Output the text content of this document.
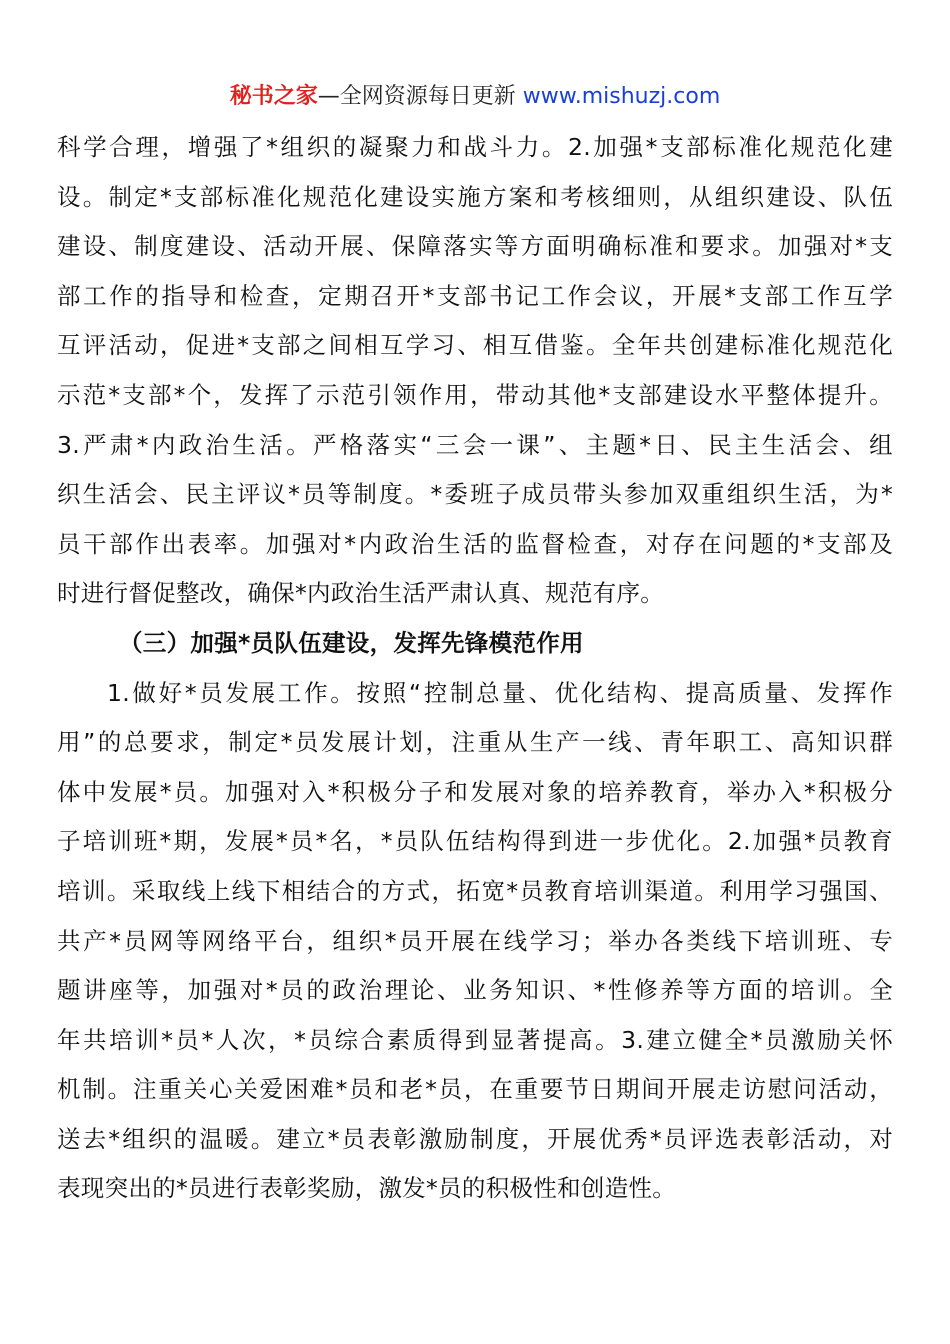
秘书之家—全网资源每日更新 www.mishuzj.com
科学合理，增强了*组织的凝聚力和战斗力。2.加强*支部标准化规范化建
设。制定*支部标准化规范化建设实施方案和考核细则，从组织建设、队伍
建设、制度建设、活动开展、保障落实等方面明确标准和要求。加强对*支
部工作的指导和检查，定期召开*支部书记工作会议，开展*支部工作互学
互评活动，促进*支部之间相互学习、相互借鉴。全年共创建标准化规范化
示范*支部*个，发挥了示范引领作用，带动其他*支部建设水平整体提升。
3.严肃*内政治生活。严格落实“三会一课”、主题*日、民主生活会、组
织生活会、民主评议*员等制度。*委班子成员带头参加双重组织生活，为*
员干部作出表率。加强对*内政治生活的监督检查，对存在问题的*支部及
时进行督促整改，确保*内政治生活严肃认真、规范有序。
（三）加强*员队伍建设，发挥先锋模范作用
1.做好*员发展工作。按照“控制总量、优化结构、提高质量、发挥作
用”的总要求，制定*员发展计划，注重从生产一线、青年职工、高知识群
体中发展*员。加强对入*积极分子和发展对象的培养教育，举办入*积极分
子培训班*期，发展*员*名，*员队伍结构得到进一步优化。2.加强*员教育
培训。采取线上线下相结合的方式，拓宽*员教育培训渠道。利用学习强国、
共产*员网等网络平台，组织*员开展在线学习；举办各类线下培训班、专
题讲座等，加强对*员的政治理论、业务知识、*性修养等方面的培训。全
年共培训*员*人次，*员综合素质得到显著提高。3.建立健全*员激励关怀
机制。注重关心关爱困难*员和老*员，在重要节日期间开展走访慰问活动，
送去*组织的温暖。建立*员表彰激励制度，开展优秀*员评选表彰活动，对
表现突出的*员进行表彰奖励，激发*员的积极性和创造性。
